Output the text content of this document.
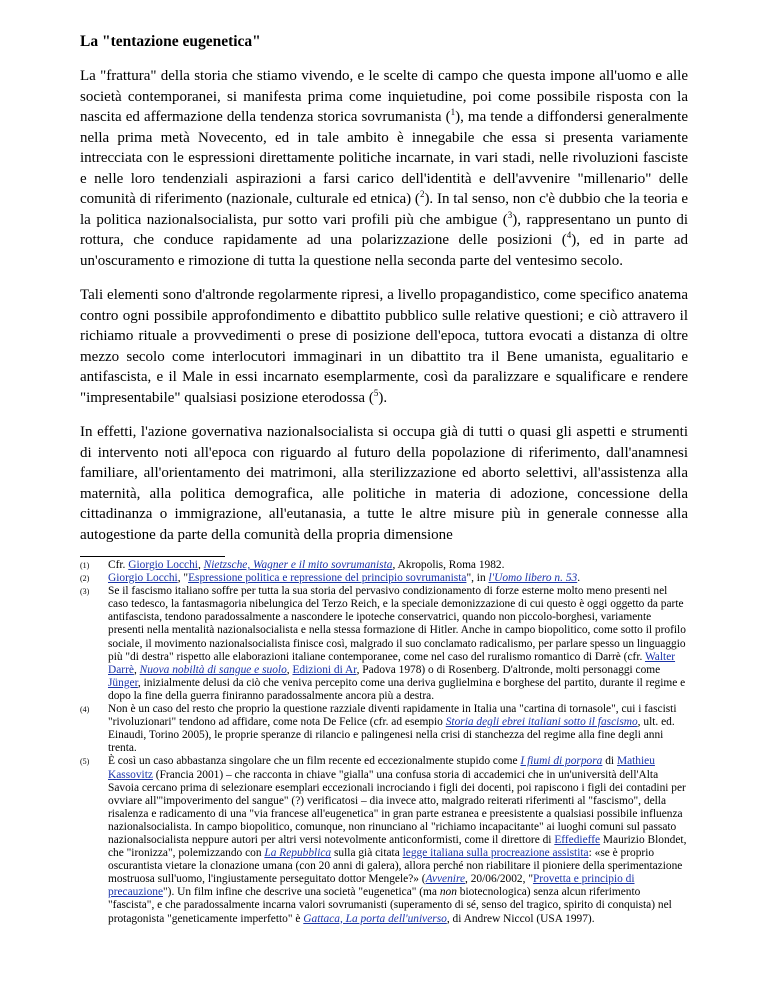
La "tentazione eugenetica"

La "frattura" della storia che stiamo vivendo, e le scelte di campo che questa impone all'uomo e alle società contemporanei, si manifesta prima come inquietudine, poi come possibile risposta con la nascita ed affermazione della tendenza storica sovrumanista ($^1$), ma tende a diffondersi generalmente nella prima metà Novecento, ed in tale ambito è innegabile che essa si presenta variamente intrecciata con le espressioni direttamente politiche incarnate, in vari stadi, nelle rivoluzioni fasciste e nelle loro tendenziali aspirazioni a farsi carico dell'identità e dell'avvenire "millenario" delle comunità di riferimento (nazionale, culturale ed etnica) ($^2$). In tal senso, non c'è dubbio che la teoria e la politica nazionalsocialista, pur sotto vari profili più che ambigue ($^3$), rappresentano un punto di rottura, che conduce rapidamente ad una polarizzazione delle posizioni ($^4$), ed in parte ad un'oscuramento e rimozione di tutta la questione nella seconda parte del ventesimo secolo.

Tali elementi sono d'altronde regolarmente ripresi, a livello propagandistico, come specifico anatema contro ogni possibile approfondimento e dibattito pubblico sulle relative questioni; e ciò attravero il richiamo rituale a provvedimenti o prese di posizione dell'epoca, tuttora evocati a distanza di oltre mezzo secolo come interlocutori immaginari in un dibattito tra il Bene umanista, egualitario e antifascista, e il Male in essi incarnato esemplarmente, così da paralizzare e squalificare e rendere "impresentabile" qualsiasi posizione eterodossa ($^5$).

In effetti, l'azione governativa nazionalsocialista si occupa già di tutti o quasi gli aspetti e strumenti di intervento noti all'epoca con riguardo al futuro della popolazione di riferimento, dall'anamnesi familiare, all'orientamento dei matrimoni, alla sterilizzazione ed aborto selettivi, all'assistenza alla maternità, alla politica demografica, alle politiche in materia di adozione, concessione della cittadinanza o immigrazione, all'eutanasia, a tutte le altre misure più in generale connesse alla autogestione da parte della comunità della propria dimensione

(1)	Cfr. Giorgio Locchi, Nietzsche, Wagner e il mito sovrumanista, Akropolis, Roma 1982.
(2)	Giorgio Locchi, "Espressione politica e repressione del principio sovrumanista", in l'Uomo libero n. 53.
(3)	Se il fascismo italiano soffre per tutta la sua storia del pervasivo condizionamento di forze esterne molto meno presenti nel caso tedesco, la fantasmagoria nibelungica del Terzo Reich, e la speciale demonizzazione di cui questo è oggi oggetto da parte antifascista, tendono paradossalmente a nascondere le ipoteche conservatrici, quando non piccolo-borghesi, variamente presenti nella mentalità nazionalsocialista e nella stessa formazione di Hitler. Anche in campo biopolitico, come sotto il profilo sociale, il movimento nazionalsocialista finisce così, malgrado il suo conclamato radicalismo, per parlare spesso un linguaggio più "di destra" rispetto alle elaborazioni italiane contemporanee, come nel caso del ruralismo romantico di Darrè (cfr. Walter Darrè, Nuova nobiltà di sangue e suolo, Edizioni di Ar, Padova 1978) o di Rosenberg. D'altronde, molti personaggi come Jünger, inizialmente delusi da ciò che veniva percepito come una deriva guglielmina e borghese del partito, durante il regime e dopo la fine della guerra finiranno paradossalmente ancora più a destra.
(4)	Non è un caso del resto che proprio la questione razziale diventi rapidamente in Italia una "cartina di tornasole", cui i fascisti "rivoluzionari" tendono ad affidare, come nota De Felice (cfr. ad esempio Storia degli ebrei italiani sotto il fascismo, ult. ed. Einaudi, Torino 2005), le proprie speranze di rilancio e palingenesi nella crisi di stanchezza del regime alla fine degli anni trenta.
(5)	È così un caso abbastanza singolare che un film recente ed eccezionalmente stupido come I fiumi di porpora di Mathieu Kassovitz (Francia 2001) – che racconta in chiave "gialla" una confusa storia di accademici che in un'università dell'Alta Savoia cercano prima di selezionare esemplari eccezionali incrociando i figli dei docenti, poi rapiscono i figli dei contadini per ovviare all'"impoverimento del sangue" (?) verificatosi – dia invece atto, malgrado reiterati riferimenti al "fascismo", della risalenza e radicamento di una "via francese all'eugenetica" in gran parte estranea e preesistente a qualsiasi possibile influenza nazionalsocialista. In campo biopolitico, comunque, non rinunciano al "richiamo incapacitante" ai luoghi comuni sul passato nazionalsocialista neppure autori per altri versi notevolmente anticonformisti, come il direttore di Effedieffe Maurizio Blondet, che "ironizza", polemizzando con La Repubblica sulla già citata legge italiana sulla procreazione assistita: «se è proprio oscurantista vietare la clonazione umana (con 20 anni di galera), allora perché non riabilitare il pioniere della sperimentazione mostruosa sull'uomo, l'ingiustamente perseguitato dottor Mengele?» (Avvenire, 20/06/2002, "Provetta e principio di precauzione"). Un film infine che descrive una società "eugenetica" (ma non biotecnologica) senza alcun riferimento "fascista", e che paradossalmente incarna valori sovrumanisti (superamento di sé, senso del tragico, spirito di conquista) nel protagonista "geneticamente imperfetto" è Gattaca, La porta dell'universo, di Andrew Niccol (USA 1997).
